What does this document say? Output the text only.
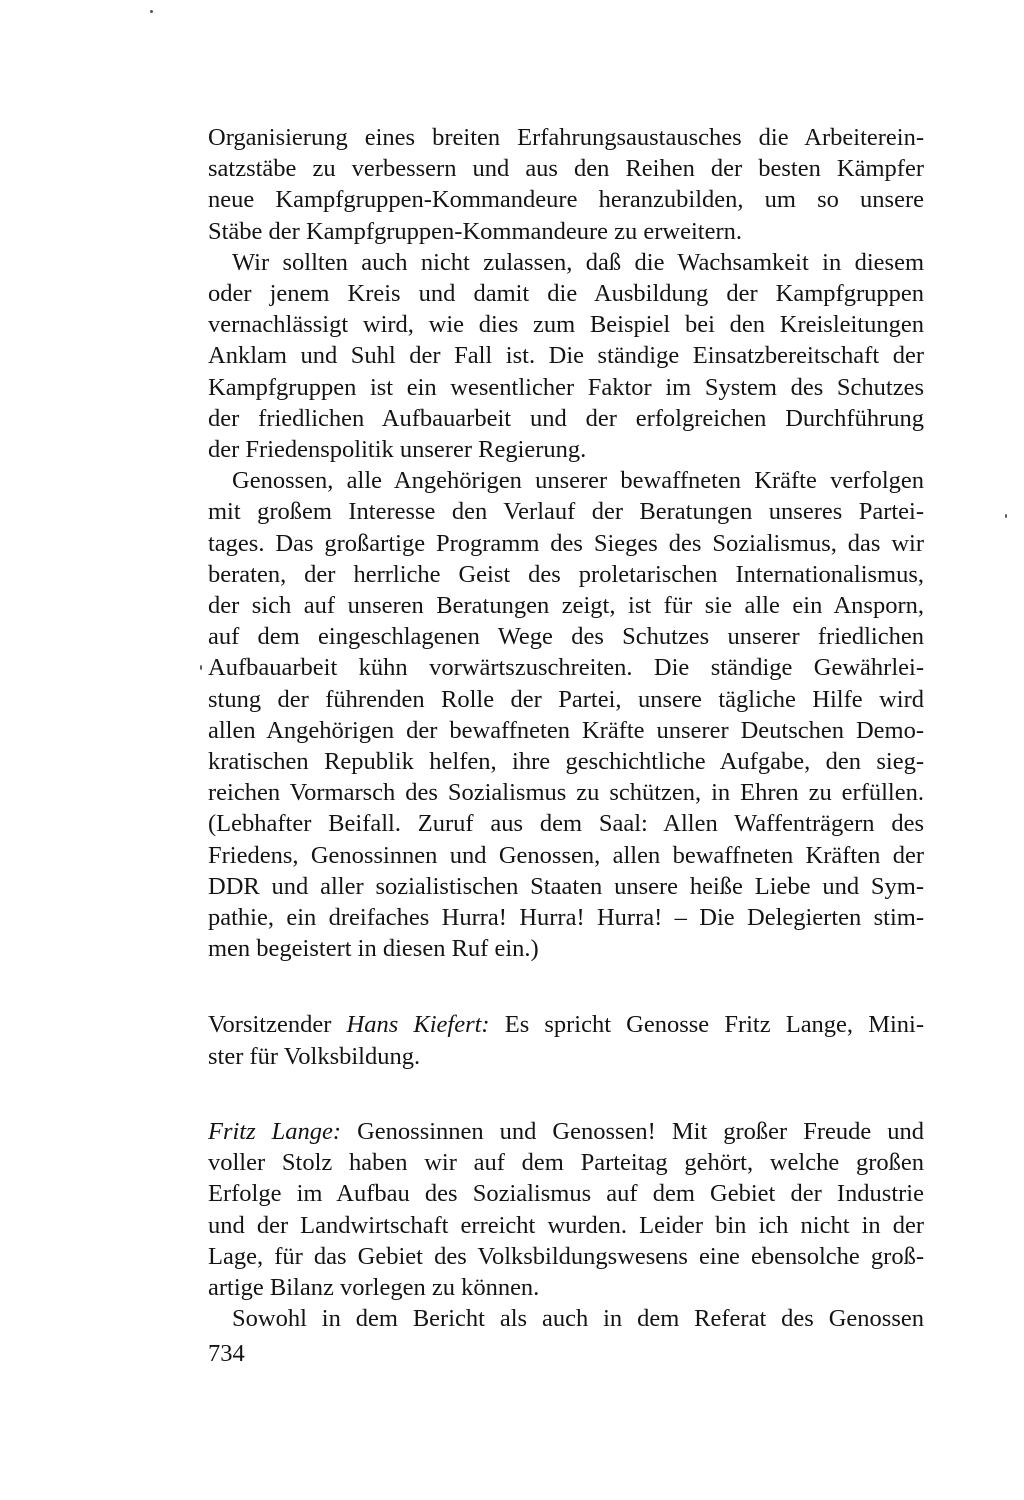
Organisierung eines breiten Erfahrungsaustausches die Arbeiterein-
satzstäbe zu verbessern und aus den Reihen der besten Kämpfer
neue Kampfgruppen-Kommandeure heranzubilden, um so unsere
Stäbe der Kampfgruppen-Kommandeure zu erweitern.
Wir sollten auch nicht zulassen, daß die Wachsamkeit in diesem
oder jenem Kreis und damit die Ausbildung der Kampfgruppen
vernachlässigt wird, wie dies zum Beispiel bei den Kreisleitungen
Anklam und Suhl der Fall ist. Die ständige Einsatzbereitschaft der
Kampfgruppen ist ein wesentlicher Faktor im System des Schutzes
der friedlichen Aufbauarbeit und der erfolgreichen Durchführung
der Friedenspolitik unserer Regierung.
Genossen, alle Angehörigen unserer bewaffneten Kräfte verfolgen
mit großem Interesse den Verlauf der Beratungen unseres Partei-
tages. Das großartige Programm des Sieges des Sozialismus, das wir
beraten, der herrliche Geist des proletarischen Internationalismus,
der sich auf unseren Beratungen zeigt, ist für sie alle ein Ansporn,
auf dem eingeschlagenen Wege des Schutzes unserer friedlichen
Aufbauarbeit kühn vorwärtszuschreiten. Die ständige Gewährlei-
stung der führenden Rolle der Partei, unsere tägliche Hilfe wird
allen Angehörigen der bewaffneten Kräfte unserer Deutschen Demo-
kratischen Republik helfen, ihre geschichtliche Aufgabe, den sieg-
reichen Vormarsch des Sozialismus zu schützen, in Ehren zu erfüllen.
(Lebhafter Beifall. Zuruf aus dem Saal: Allen Waffenträgern des
Friedens, Genossinnen und Genossen, allen bewaffneten Kräften der
DDR und aller sozialistischen Staaten unsere heiße Liebe und Sym-
pathie, ein dreifaches Hurra! Hurra! Hurra! – Die Delegierten stim-
men begeistert in diesen Ruf ein.)
Vorsitzender Hans Kiefert: Es spricht Genosse Fritz Lange, Mini-
ster für Volksbildung.
Fritz Lange: Genossinnen und Genossen! Mit großer Freude und
voller Stolz haben wir auf dem Parteitag gehört, welche großen
Erfolge im Aufbau des Sozialismus auf dem Gebiet der Industrie
und der Landwirtschaft erreicht wurden. Leider bin ich nicht in der
Lage, für das Gebiet des Volksbildungswesens eine ebensolche groß-
artige Bilanz vorlegen zu können.
Sowohl in dem Bericht als auch in dem Referat des Genossen
734
